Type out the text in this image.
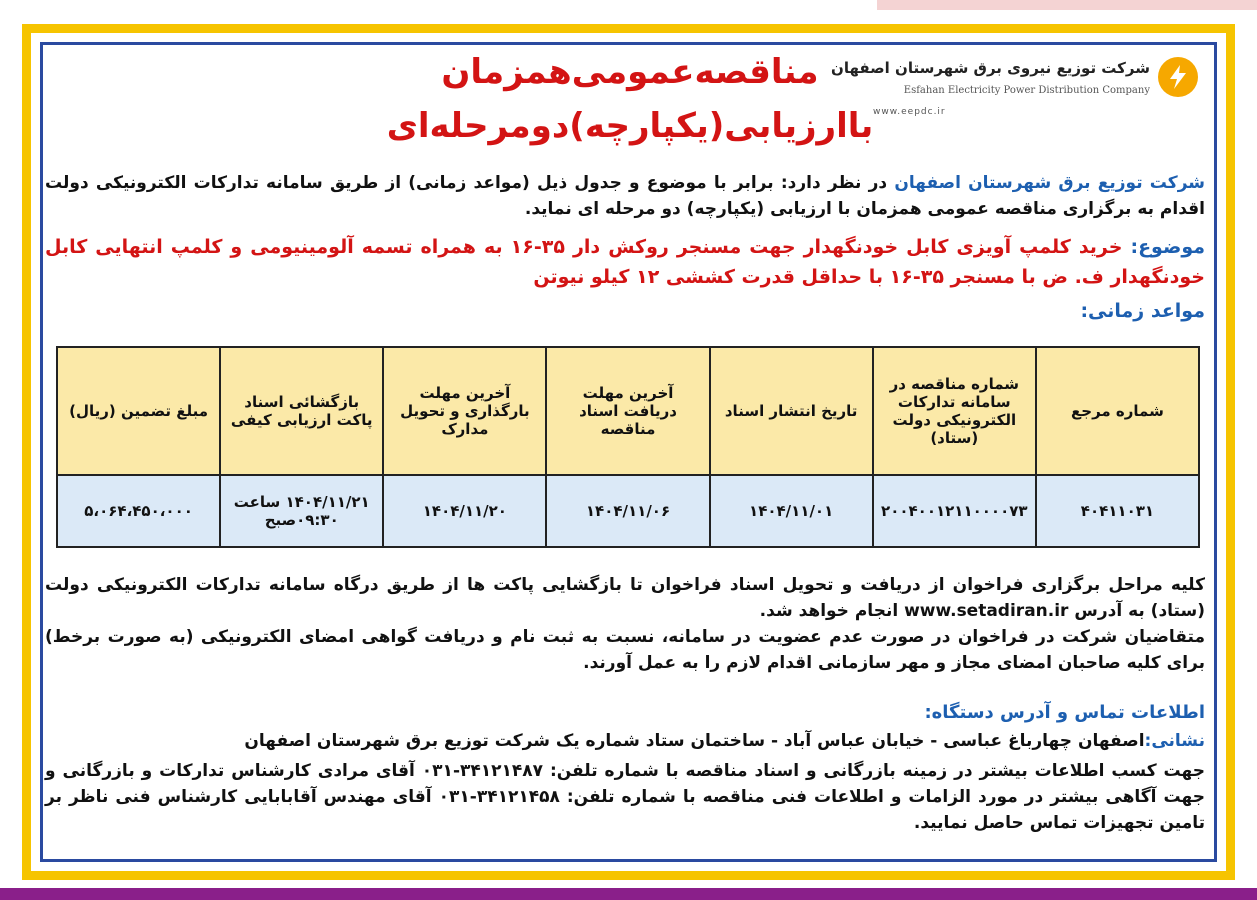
شرکت توزیع نیروی برق شهرستان اصفهان
Esfahan Electricity Power Distribution Company
www.eepdc.ir
مناقصه‌عمومی‌همزمان
باارزیابی(یکپارچه)دومرحله‌ای
شرکت توزیع برق شهرستان اصفهان در نظر دارد: برابر با موضوع و جدول ذیل (مواعد زمانی) از طریق سامانه تدارکات الکترونیکی دولت اقدام به برگزاری مناقصه عمومی همزمان با ارزیابی (یکپارچه) دو مرحله ای نماید.
موضوع: خرید کلمپ آویزی کابل خودنگهدار جهت مسنجر روکش دار ۳۵-۱۶ به همراه تسمه آلومینیومی و کلمپ انتهایی کابل خودنگهدار ف. ض با مسنجر ۳۵-۱۶ با حداقل قدرت کششی ۱۲ کیلو نیوتن
مواعد زمانی:
شماره مرجع	شماره مناقصه در سامانه تدارکات الکترونیکی دولت (ستاد)	تاریخ انتشار اسناد	آخرین مهلت دریافت اسناد مناقصه	آخرین مهلت بارگذاری و تحویل مدارک	بازگشائی اسناد پاکت ارزیابی کیفی	مبلغ تضمین (ریال)
۴۰۴۱۱۰۳۱	۲۰۰۴۰۰۱۲۱۱۰۰۰۰۷۳	۱۴۰۴/۱۱/۰۱	۱۴۰۴/۱۱/۰۶	۱۴۰۴/۱۱/۲۰	۱۴۰۴/۱۱/۲۱ ساعت ۰۹:۳۰صبح	۵،۰۶۴،۴۵۰،۰۰۰
کلیه مراحل برگزاری فراخوان از دریافت و تحویل اسناد فراخوان تا بازگشایی پاکت ها از طریق درگاه سامانه تدارکات الکترونیکی دولت (ستاد) به آدرس www.setadiran.ir انجام خواهد شد.
متقاضیان شرکت در فراخوان در صورت عدم عضویت در سامانه، نسبت به ثبت نام و دریافت گواهی امضای الکترونیکی (به صورت برخط) برای کلیه صاحبان امضای مجاز و مهر سازمانی اقدام لازم را به عمل آورند.
اطلاعات تماس و آدرس دستگاه:
نشانی:اصفهان چهارباغ عباسی - خیابان عباس آباد - ساختمان ستاد شماره یک شرکت توزیع برق شهرستان اصفهان
جهت کسب اطلاعات بیشتر در زمینه بازرگانی و اسناد مناقصه با شماره تلفن: ۳۴۱۲۱۴۸۷-۰۳۱ آقای مرادی کارشناس تدارکات و بازرگانی و جهت آگاهی بیشتر در مورد الزامات و اطلاعات فنی مناقصه با شماره تلفن: ۳۴۱۲۱۴۵۸-۰۳۱ آقای مهندس آقابابایی کارشناس فنی ناظر بر تامین تجهیزات تماس حاصل نمایید.
